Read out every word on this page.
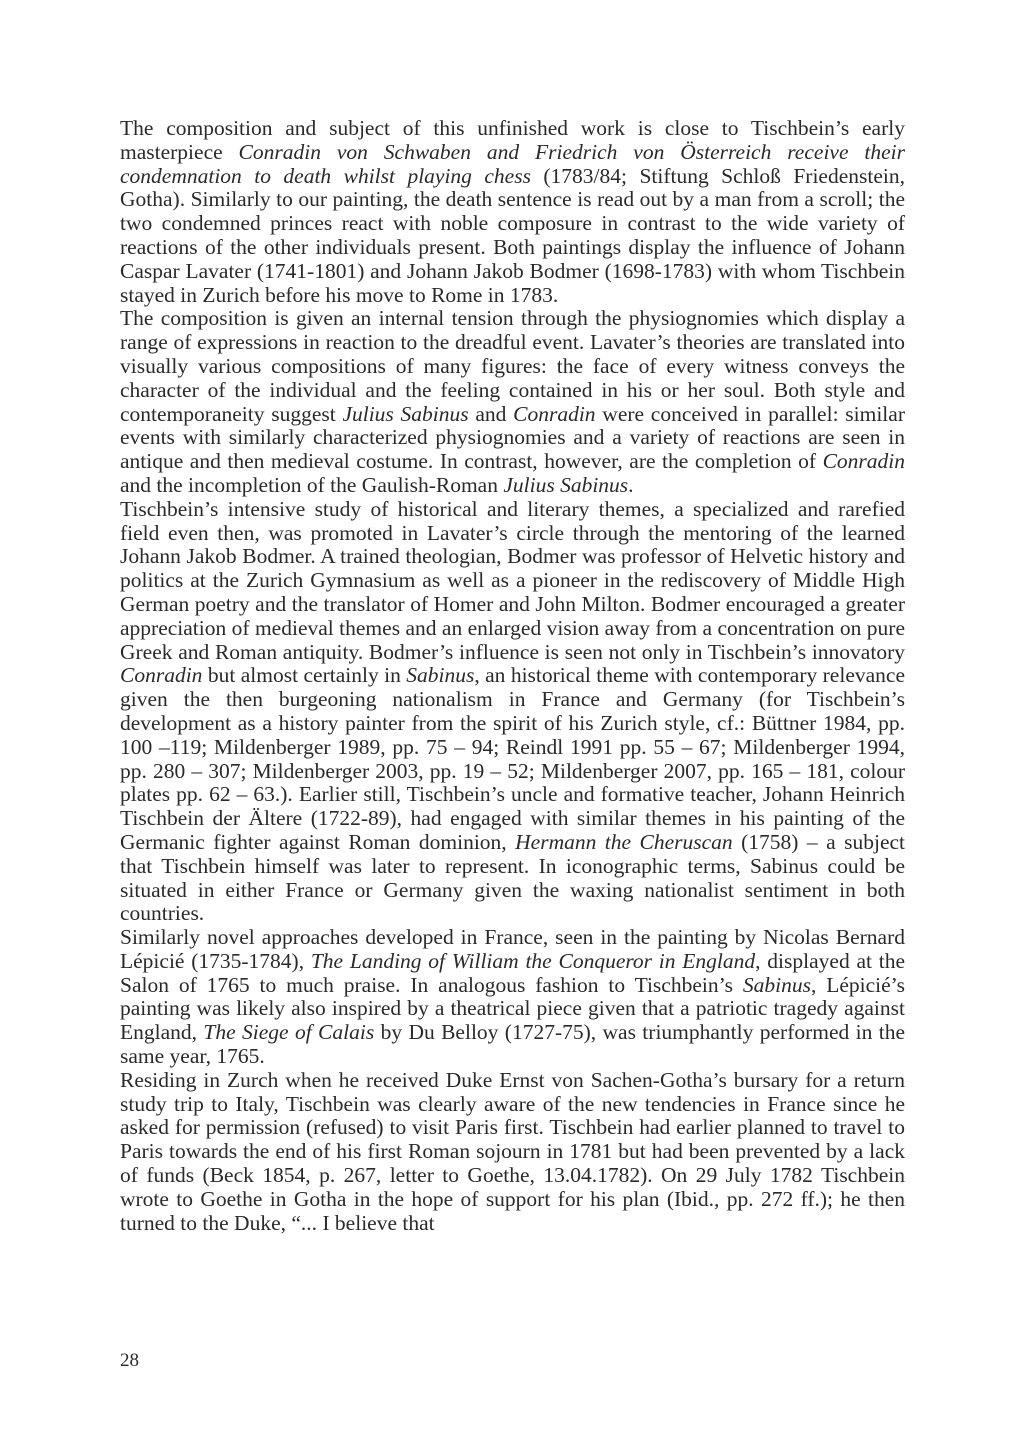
The composition and subject of this unfinished work is close to Tischbein’s early masterpiece Conradin von Schwaben and Friedrich von Österreich receive their condemnation to death whilst playing chess (1783/84; Stiftung Schloß Friedenstein, Gotha). Similarly to our painting, the death sentence is read out by a man from a scroll; the two condemned princes react with noble composure in contrast to the wide variety of reactions of the other individuals present. Both paintings display the influence of Johann Caspar Lavater (1741-1801) and Johann Jakob Bodmer (1698-1783) with whom Tischbein stayed in Zurich before his move to Rome in 1783.

The composition is given an internal tension through the physiognomies which display a range of expressions in reaction to the dreadful event. Lavater’s theories are translated into visually various compositions of many figures: the face of every witness conveys the character of the individual and the feeling contained in his or her soul. Both style and contemporaneity suggest Julius Sabinus and Conradin were conceived in parallel: similar events with similarly characterized physiognomies and a variety of reactions are seen in antique and then medieval costume. In contrast, however, are the completion of Conradin and the incompletion of the Gaulish-Roman Julius Sabinus.

Tischbein’s intensive study of historical and literary themes, a specialized and rarefied field even then, was promoted in Lavater’s circle through the mentoring of the learned Johann Jakob Bodmer. A trained theologian, Bodmer was professor of Helvetic history and politics at the Zurich Gymnasium as well as a pioneer in the rediscovery of Middle High German poetry and the translator of Homer and John Milton. Bodmer encouraged a greater appreciation of medieval themes and an enlarged vision away from a concentration on pure Greek and Roman antiquity. Bodmer’s influence is seen not only in Tischbein’s innovatory Conradin but almost certainly in Sabinus, an historical theme with contemporary relevance given the then burgeoning nationalism in France and Germany (for Tischbein’s development as a history painter from the spirit of his Zurich style, cf.: Büttner 1984, pp. 100 –119; Mildenberger 1989, pp. 75 – 94; Reindl 1991 pp. 55 – 67; Mildenberger 1994, pp. 280 – 307; Mildenberger 2003, pp. 19 – 52; Mildenberger 2007, pp. 165 – 181, colour plates pp. 62 – 63.). Earlier still, Tischbein’s uncle and formative teacher, Johann Heinrich Tischbein der Ältere (1722-89), had engaged with similar themes in his painting of the Germanic fighter against Roman dominion, Hermann the Cheruscan (1758) – a subject that Tischbein himself was later to represent. In iconographic terms, Sabinus could be situated in either France or Germany given the waxing nationalist sentiment in both countries.

Similarly novel approaches developed in France, seen in the painting by Nicolas Bernard Lépicié (1735-1784), The Landing of William the Conqueror in England, displayed at the Salon of 1765 to much praise. In analogous fashion to Tischbein’s Sabinus, Lépicié’s painting was likely also inspired by a theatrical piece given that a patriotic tragedy against England, The Siege of Calais by Du Belloy (1727-75), was triumphantly performed in the same year, 1765.

Residing in Zurch when he received Duke Ernst von Sachen-Gotha’s bursary for a return study trip to Italy, Tischbein was clearly aware of the new tendencies in France since he asked for permission (refused) to visit Paris first. Tischbein had earlier planned to travel to Paris towards the end of his first Roman sojourn in 1781 but had been prevented by a lack of funds (Beck 1854, p. 267, letter to Goethe, 13.04.1782). On 29 July 1782 Tischbein wrote to Goethe in Gotha in the hope of support for his plan (Ibid., pp. 272 ff.); he then turned to the Duke, “... I believe that

28
